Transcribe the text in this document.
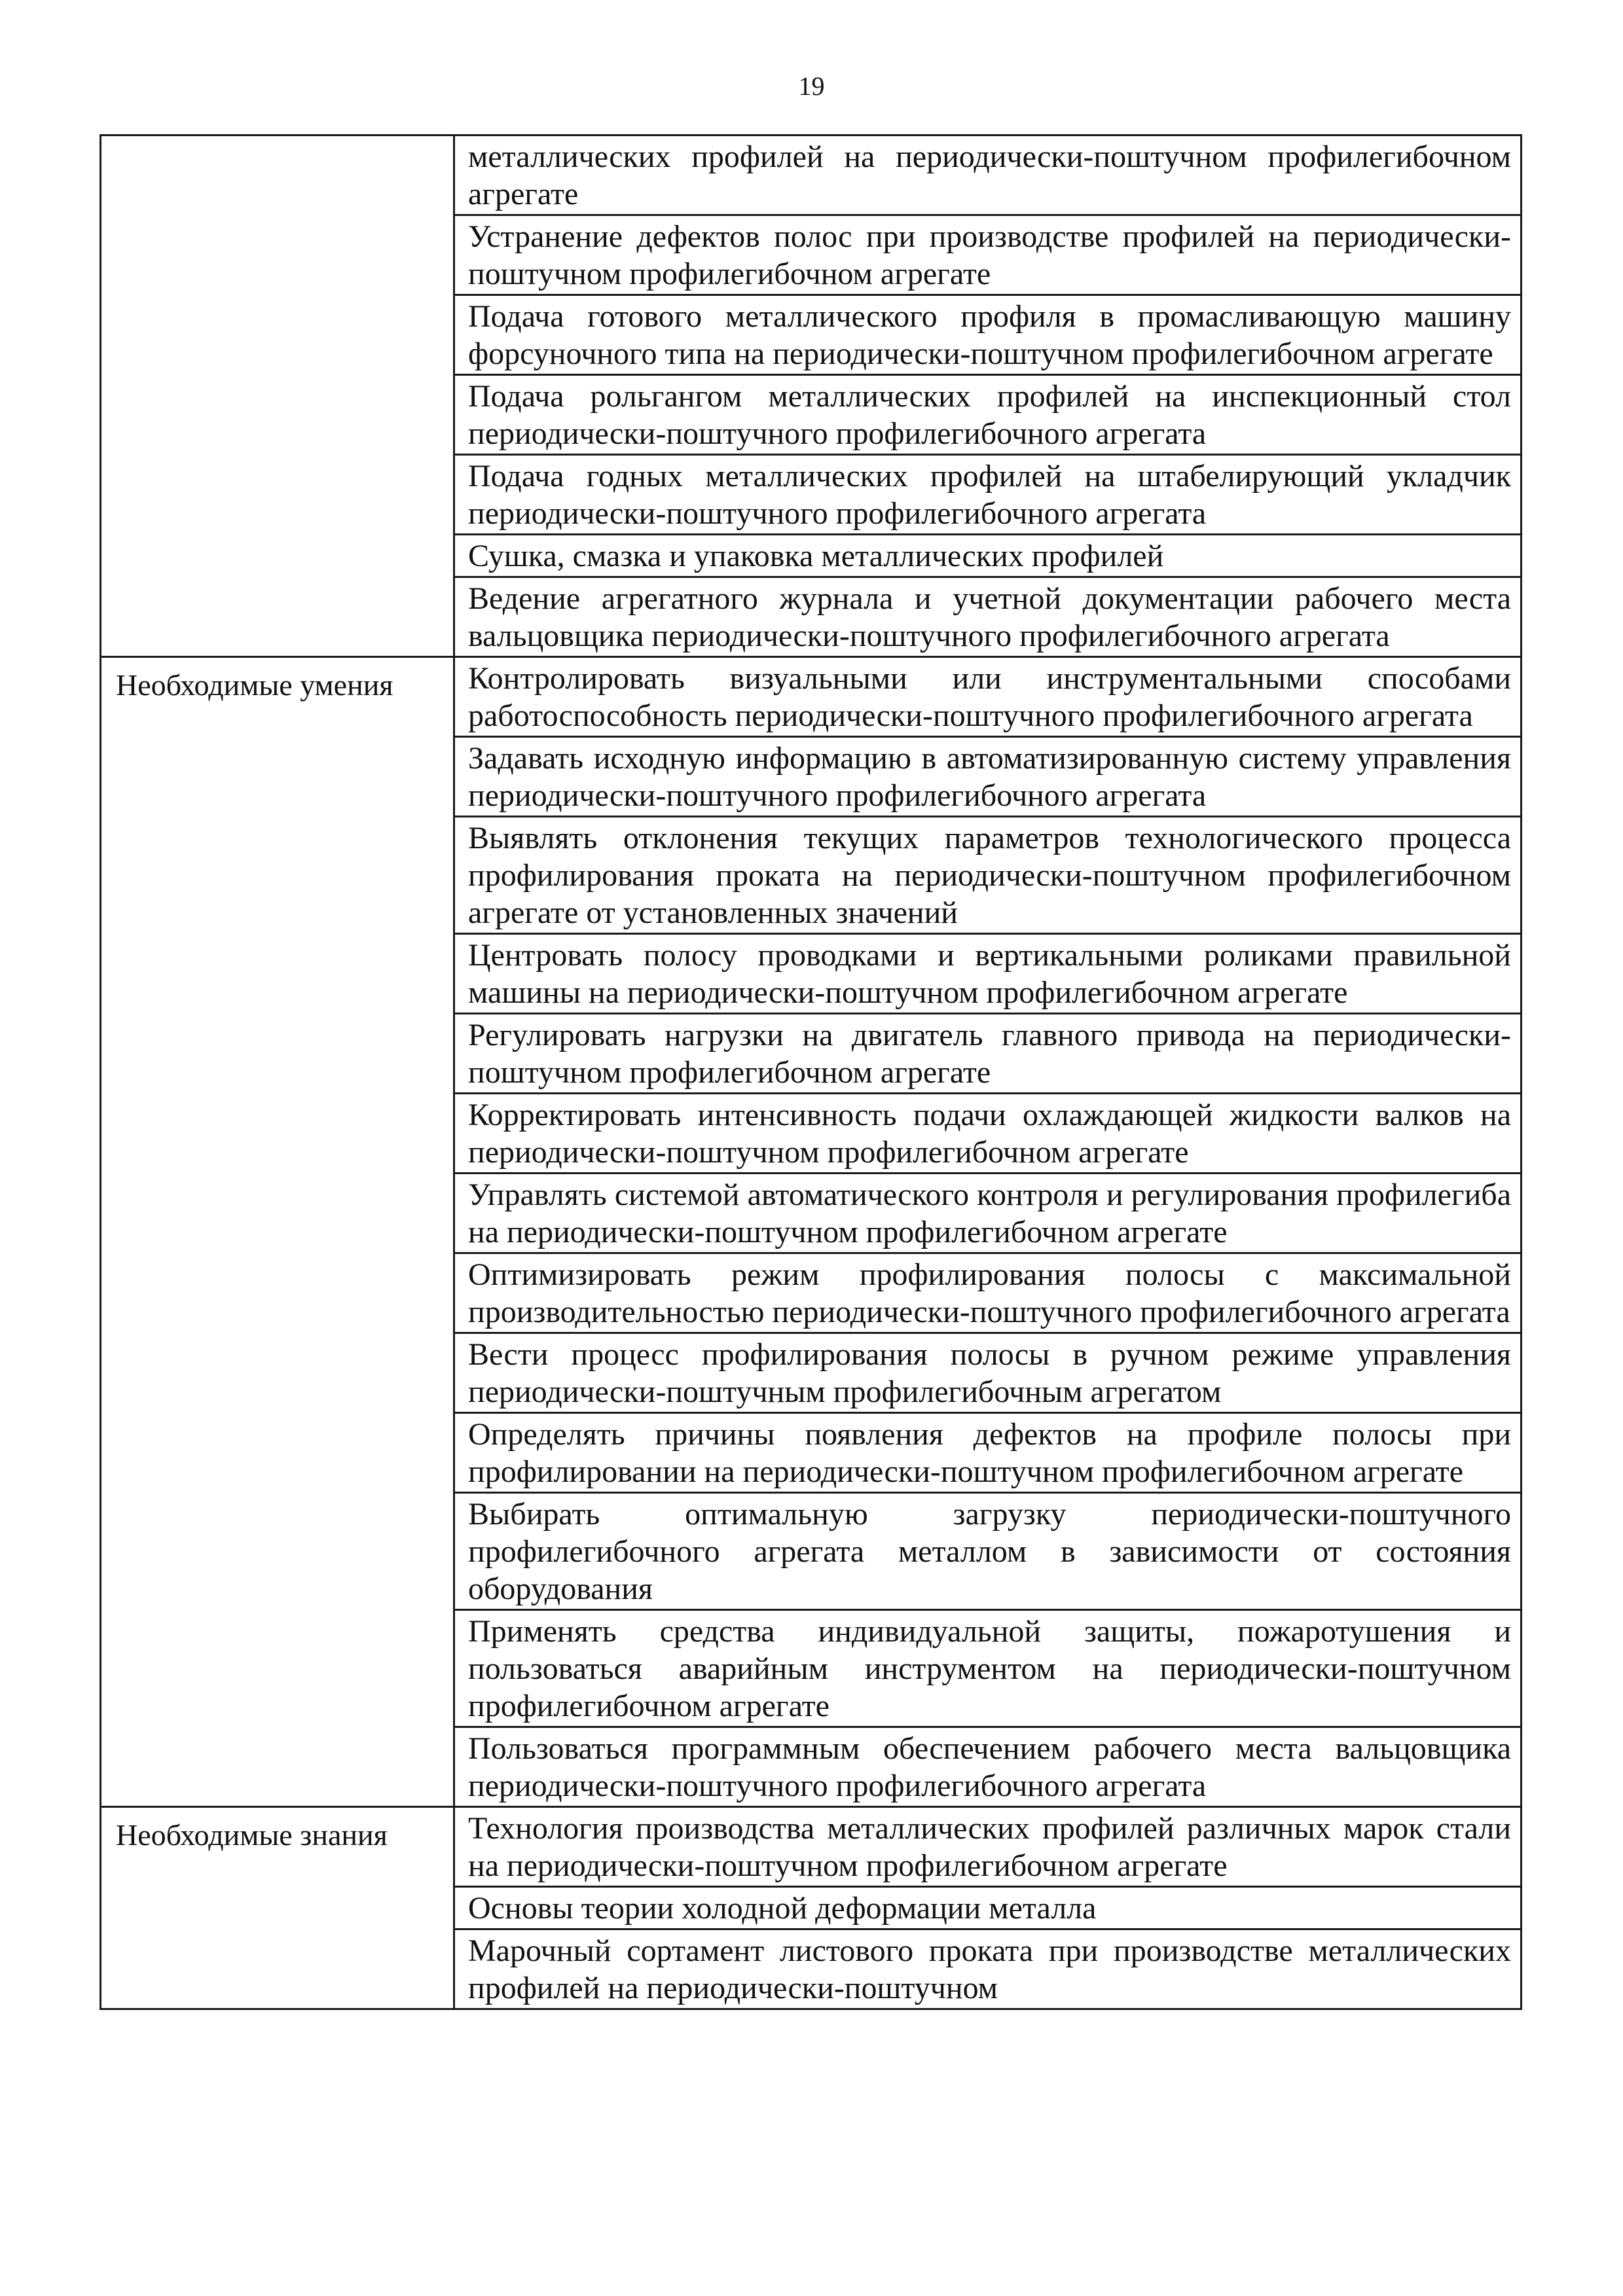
19
	металлических профилей на периодически-поштучном профилегибочном агрегате
	Устранение дефектов полос при производстве профилей на периодически-поштучном профилегибочном агрегате
	Подача готового металлического профиля в промасливающую машину форсуночного типа на периодически-поштучном профилегибочном агрегате
	Подача рольгангом металлических профилей на инспекционный стол периодически-поштучного профилегибочного агрегата
	Подача годных металлических профилей на штабелирующий укладчик периодически-поштучного профилегибочного агрегата
	Сушка, смазка и упаковка металлических профилей
	Ведение агрегатного журнала и учетной документации рабочего места вальцовщика периодически-поштучного профилегибочного агрегата
Необходимые умения	Контролировать визуальными или инструментальными способами работоспособность периодически-поштучного профилегибочного агрегата
	Задавать исходную информацию в автоматизированную систему управления периодически-поштучного профилегибочного агрегата
	Выявлять отклонения текущих параметров технологического процесса профилирования проката на периодически-поштучном профилегибочном агрегате от установленных значений
	Центровать полосу проводками и вертикальными роликами правильной машины на периодически-поштучном профилегибочном агрегате
	Регулировать нагрузки на двигатель главного привода на периодически-поштучном профилегибочном агрегате
	Корректировать интенсивность подачи охлаждающей жидкости валков на периодически-поштучном профилегибочном агрегате
	Управлять системой автоматического контроля и регулирования профилегиба на периодически-поштучном профилегибочном агрегате
	Оптимизировать режим профилирования полосы с максимальной производительностью периодически-поштучного профилегибочного агрегата
	Вести процесс профилирования полосы в ручном режиме управления периодически-поштучным профилегибочным агрегатом
	Определять причины появления дефектов на профиле полосы при профилировании на периодически-поштучном профилегибочном агрегате
	Выбирать оптимальную загрузку периодически-поштучного профилегибочного агрегата металлом в зависимости от состояния оборудования
	Применять средства индивидуальной защиты, пожаротушения и пользоваться аварийным инструментом на периодически-поштучном профилегибочном агрегате
	Пользоваться программным обеспечением рабочего места вальцовщика периодически-поштучного профилегибочного агрегата
Необходимые знания	Технология производства металлических профилей различных марок стали на периодически-поштучном профилегибочном агрегате
	Основы теории холодной деформации металла
	Марочный сортамент листового проката при производстве металлических профилей на периодически-поштучном
